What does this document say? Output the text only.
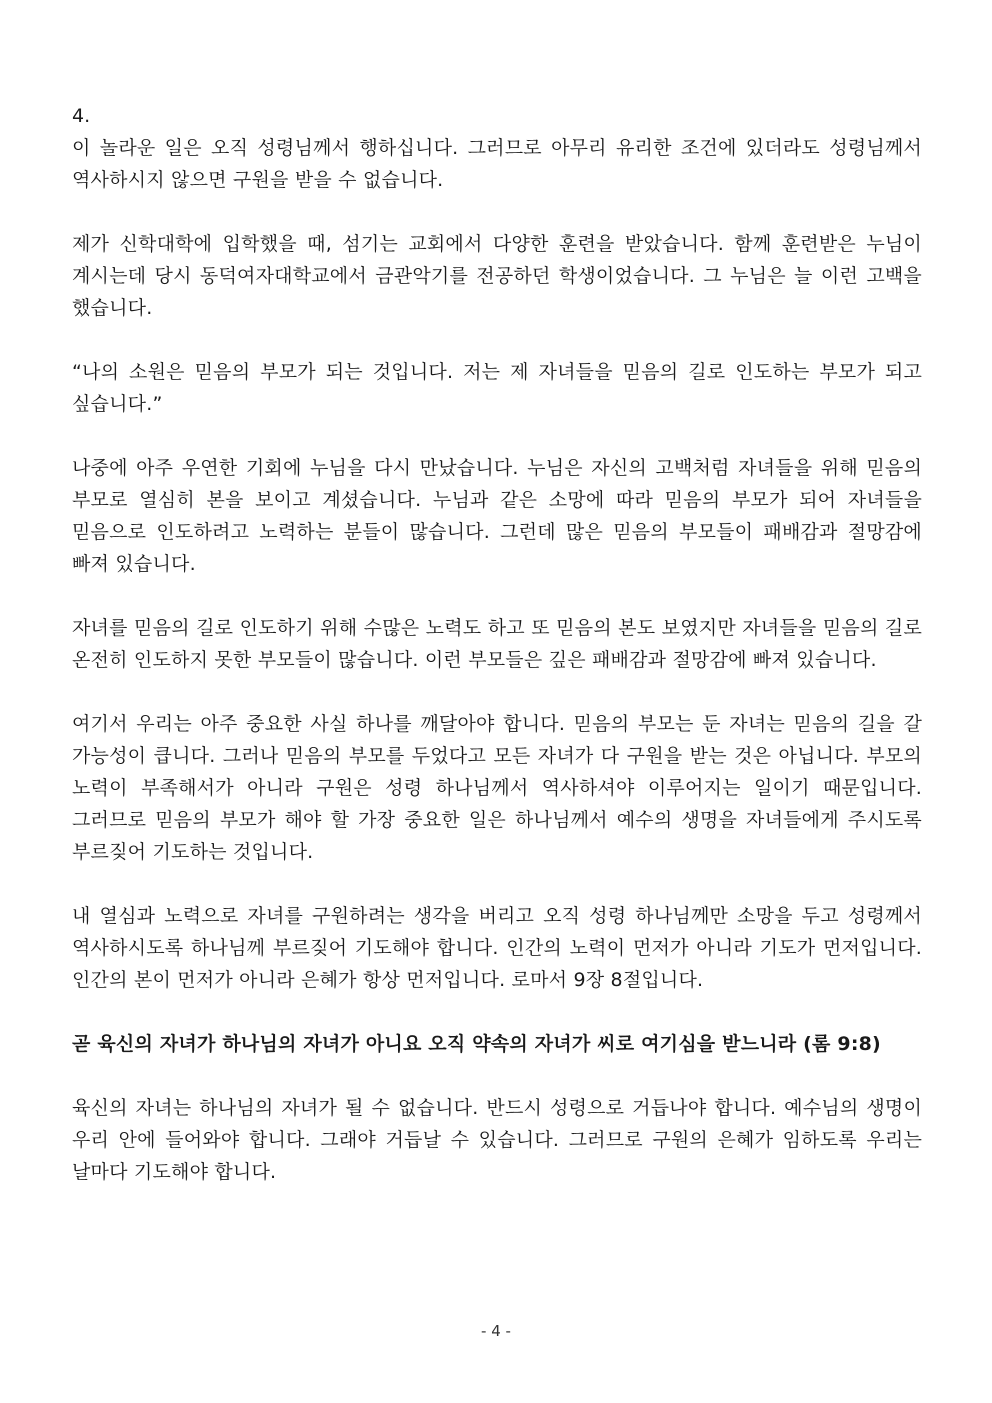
4.

이 놀라운 일은 오직 성령님께서 행하십니다. 그러므로 아무리 유리한 조건에 있더라도 성령님께서 역사하시지 않으면 구원을 받을 수 없습니다.

제가 신학대학에 입학했을 때, 섬기는 교회에서 다양한 훈련을 받았습니다. 함께 훈련받은 누님이 계시는데 당시 동덕여자대학교에서 금관악기를 전공하던 학생이었습니다. 그 누님은 늘 이런 고백을 했습니다.

“나의 소원은 믿음의 부모가 되는 것입니다. 저는 제 자녀들을 믿음의 길로 인도하는 부모가 되고 싶습니다.”

나중에 아주 우연한 기회에 누님을 다시 만났습니다. 누님은 자신의 고백처럼 자녀들을 위해 믿음의 부모로 열심히 본을 보이고 계셨습니다. 누님과 같은 소망에 따라 믿음의 부모가 되어 자녀들을 믿음으로 인도하려고 노력하는 분들이 많습니다. 그런데 많은 믿음의 부모들이 패배감과 절망감에 빠져 있습니다.

자녀를 믿음의 길로 인도하기 위해 수많은 노력도 하고 또 믿음의 본도 보였지만 자녀들을 믿음의 길로 온전히 인도하지 못한 부모들이 많습니다. 이런 부모들은 깊은 패배감과 절망감에 빠져 있습니다.

여기서 우리는 아주 중요한 사실 하나를 깨달아야 합니다. 믿음의 부모는 둔 자녀는 믿음의 길을 갈 가능성이 큽니다. 그러나 믿음의 부모를 두었다고 모든 자녀가 다 구원을 받는 것은 아닙니다. 부모의 노력이 부족해서가 아니라 구원은 성령 하나님께서 역사하셔야 이루어지는 일이기 때문입니다. 그러므로 믿음의 부모가 해야 할 가장 중요한 일은 하나님께서 예수의 생명을 자녀들에게 주시도록 부르짖어 기도하는 것입니다.

내 열심과 노력으로 자녀를 구원하려는 생각을 버리고 오직 성령 하나님께만 소망을 두고 성령께서 역사하시도록 하나님께 부르짖어 기도해야 합니다. 인간의 노력이 먼저가 아니라 기도가 먼저입니다. 인간의 본이 먼저가 아니라 은혜가 항상 먼저입니다. 로마서 9장 8절입니다.

곧 육신의 자녀가 하나님의 자녀가 아니요 오직 약속의 자녀가 씨로 여기심을 받느니라 (롬 9:8)

육신의 자녀는 하나님의 자녀가 될 수 없습니다. 반드시 성령으로 거듭나야 합니다. 예수님의 생명이 우리 안에 들어와야 합니다. 그래야 거듭날 수 있습니다. 그러므로 구원의 은혜가 임하도록 우리는 날마다 기도해야 합니다.

- 4 -
